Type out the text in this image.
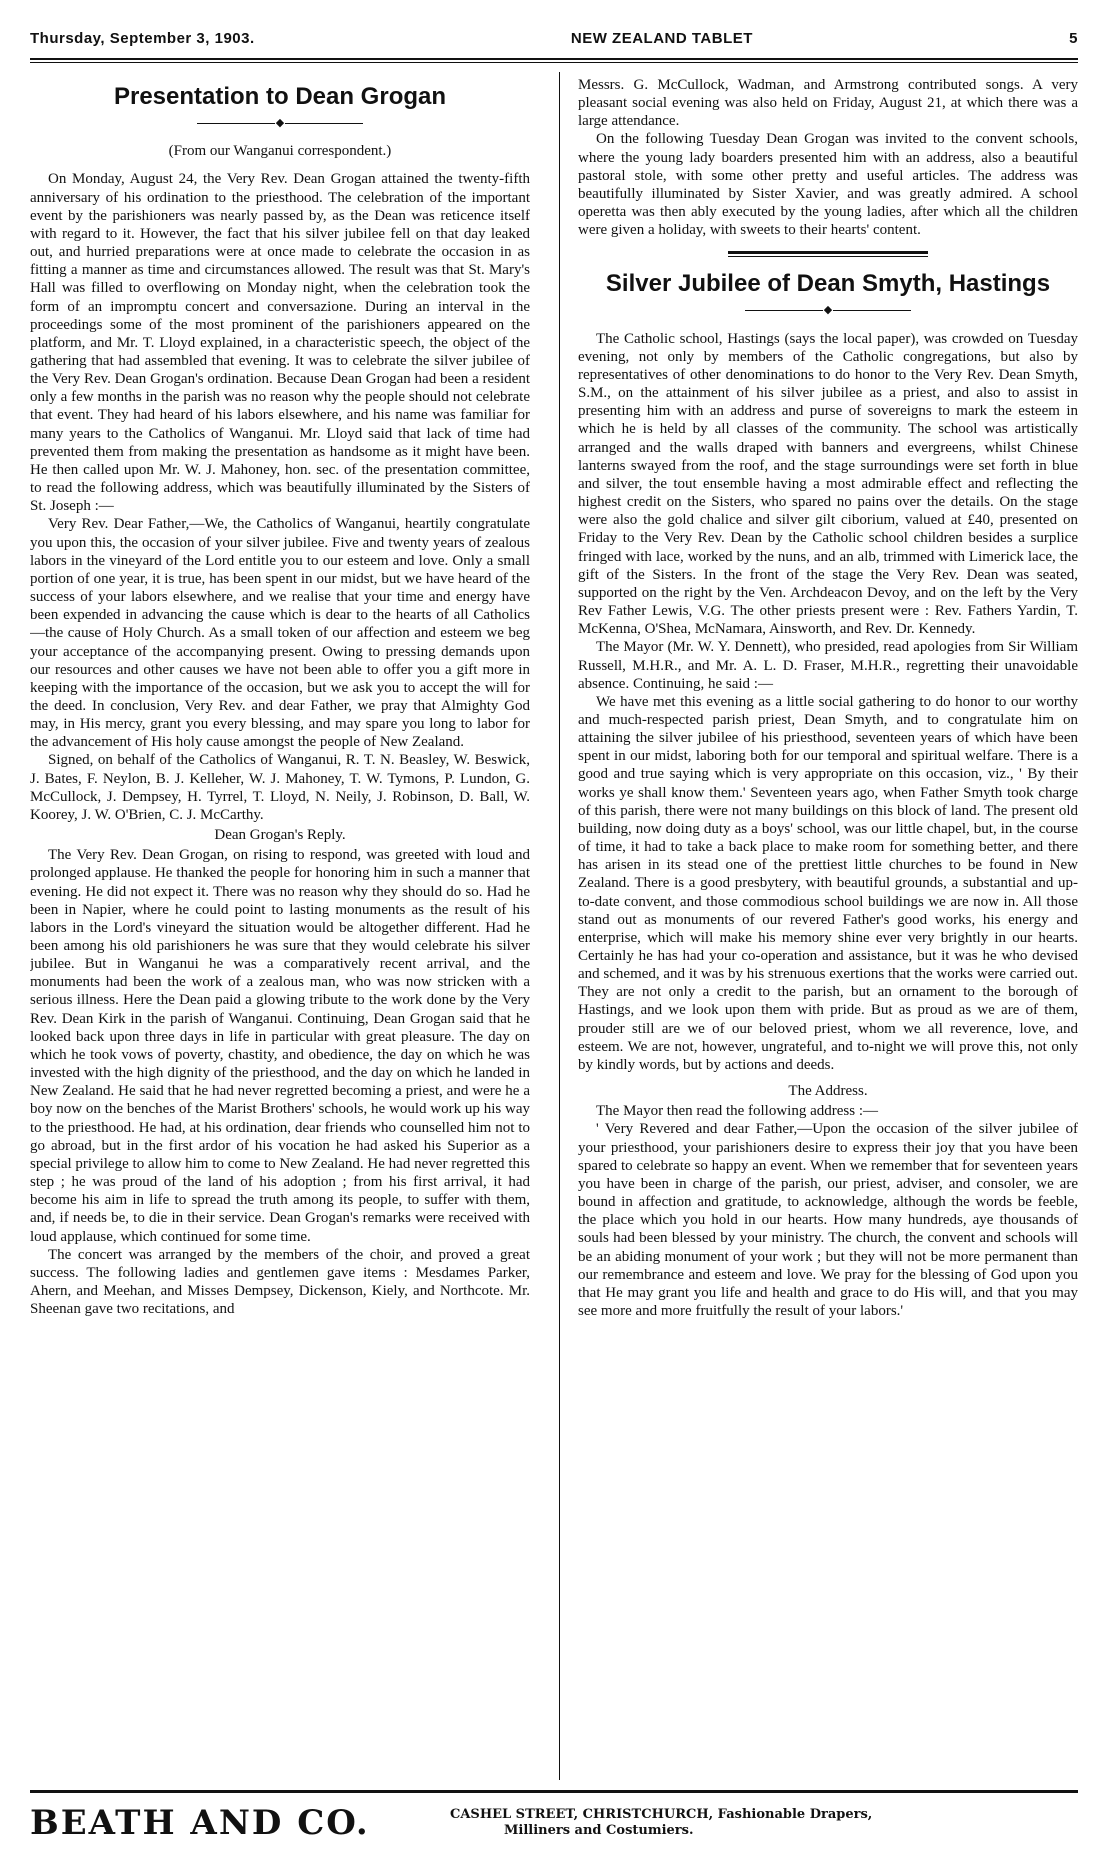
Thursday, September 3, 1903.	NEW ZEALAND TABLET	5
Presentation to Dean Grogan
◆
(From our Wanganui correspondent.)

On Monday, August 24, the Very Rev. Dean Grogan attained the twenty-fifth anniversary of his ordination to the priesthood. The celebration of the important event by the parishioners was nearly passed by, as the Dean was reticence itself with regard to it. However, the fact that his silver jubilee fell on that day leaked out, and hurried preparations were at once made to celebrate the occasion in as fitting a manner as time and circumstances allowed. The result was that St. Mary's Hall was filled to overflowing on Monday night, when the celebration took the form of an impromptu concert and conversazione. During an interval in the proceedings some of the most prominent of the parishioners appeared on the platform, and Mr. T. Lloyd explained, in a characteristic speech, the object of the gathering that had assembled that evening. It was to celebrate the silver jubilee of the Very Rev. Dean Grogan's ordination. Because Dean Grogan had been a resident only a few months in the parish was no reason why the people should not celebrate that event. They had heard of his labors elsewhere, and his name was familiar for many years to the Catholics of Wanganui. Mr. Lloyd said that lack of time had prevented them from making the presentation as handsome as it might have been. He then called upon Mr. W. J. Mahoney, hon. sec. of the presentation committee, to read the following address, which was beautifully illuminated by the Sisters of St. Joseph :—

Very Rev. Dear Father,—We, the Catholics of Wanganui, heartily congratulate you upon this, the occasion of your silver jubilee. Five and twenty years of zealous labors in the vineyard of the Lord entitle you to our esteem and love. Only a small portion of one year, it is true, has been spent in our midst, but we have heard of the success of your labors elsewhere, and we realise that your time and energy have been expended in advancing the cause which is dear to the hearts of all Catholics—the cause of Holy Church. As a small token of our affection and esteem we beg your acceptance of the accompanying present. Owing to pressing demands upon our resources and other causes we have not been able to offer you a gift more in keeping with the importance of the occasion, but we ask you to accept the will for the deed. In conclusion, Very Rev. and dear Father, we pray that Almighty God may, in His mercy, grant you every blessing, and may spare you long to labor for the advancement of His holy cause amongst the people of New Zealand.

Signed, on behalf of the Catholics of Wanganui, R. T. N. Beasley, W. Beswick, J. Bates, F. Neylon, B. J. Kelleher, W. J. Mahoney, T. W. Tymons, P. Lundon, G. McCullock, J. Dempsey, H. Tyrrel, T. Lloyd, N. Neily, J. Robinson, D. Ball, W. Koorey, J. W. O'Brien, C. J. McCarthy.

Dean Grogan's Reply.

The Very Rev. Dean Grogan, on rising to respond, was greeted with loud and prolonged applause. He thanked the people for honoring him in such a manner that evening. He did not expect it. There was no reason why they should do so. Had he been in Napier, where he could point to lasting monuments as the result of his labors in the Lord's vineyard the situation would be altogether different. Had he been among his old parishioners he was sure that they would celebrate his silver jubilee. But in Wanganui he was a comparatively recent arrival, and the monuments had been the work of a zealous man, who was now stricken with a serious illness. Here the Dean paid a glowing tribute to the work done by the Very Rev. Dean Kirk in the parish of Wanganui. Continuing, Dean Grogan said that he looked back upon three days in life in particular with great pleasure. The day on which he took vows of poverty, chastity, and obedience, the day on which he was invested with the high dignity of the priesthood, and the day on which he landed in New Zealand. He said that he had never regretted becoming a priest, and were he a boy now on the benches of the Marist Brothers' schools, he would work up his way to the priesthood. He had, at his ordination, dear friends who counselled him not to go abroad, but in the first ardor of his vocation he had asked his Superior as a special privilege to allow him to come to New Zealand. He had never regretted this step ; he was proud of the land of his adoption ; from his first arrival, it had become his aim in life to spread the truth among its people, to suffer with them, and, if needs be, to die in their service. Dean Grogan's remarks were received with loud applause, which continued for some time.

The concert was arranged by the members of the choir, and proved a great success. The following ladies and gentlemen gave items : Mesdames Parker, Ahern, and Meehan, and Misses Dempsey, Dickenson, Kiely, and Northcote. Mr. Sheenan gave two recitations, and

Messrs. G. McCullock, Wadman, and Armstrong contributed songs. A very pleasant social evening was also held on Friday, August 21, at which there was a large attendance.

On the following Tuesday Dean Grogan was invited to the convent schools, where the young lady boarders presented him with an address, also a beautiful pastoral stole, with some other pretty and useful articles. The address was beautifully illuminated by Sister Xavier, and was greatly admired. A school operetta was then ably executed by the young ladies, after which all the children were given a holiday, with sweets to their hearts' content.

Silver Jubilee of Dean Smyth, Hastings
◆

The Catholic school, Hastings (says the local paper), was crowded on Tuesday evening, not only by members of the Catholic congregations, but also by representatives of other denominations to do honor to the Very Rev. Dean Smyth, S.M., on the attainment of his silver jubilee as a priest, and also to assist in presenting him with an address and purse of sovereigns to mark the esteem in which he is held by all classes of the community. The school was artistically arranged and the walls draped with banners and evergreens, whilst Chinese lanterns swayed from the roof, and the stage surroundings were set forth in blue and silver, the tout ensemble having a most admirable effect and reflecting the highest credit on the Sisters, who spared no pains over the details. On the stage were also the gold chalice and silver gilt ciborium, valued at £40, presented on Friday to the Very Rev. Dean by the Catholic school children besides a surplice fringed with lace, worked by the nuns, and an alb, trimmed with Limerick lace, the gift of the Sisters. In the front of the stage the Very Rev. Dean was seated, supported on the right by the Ven. Archdeacon Devoy, and on the left by the Very Rev Father Lewis, V.G. The other priests present were : Rev. Fathers Yardin, T. McKenna, O'Shea, McNamara, Ainsworth, and Rev. Dr. Kennedy.

The Mayor (Mr. W. Y. Dennett), who presided, read apologies from Sir William Russell, M.H.R., and Mr. A. L. D. Fraser, M.H.R., regretting their unavoidable absence. Continuing, he said :—

We have met this evening as a little social gathering to do honor to our worthy and much-respected parish priest, Dean Smyth, and to congratulate him on attaining the silver jubilee of his priesthood, seventeen years of which have been spent in our midst, laboring both for our temporal and spiritual welfare. There is a good and true saying which is very appropriate on this occasion, viz., ' By their works ye shall know them.' Seventeen years ago, when Father Smyth took charge of this parish, there were not many buildings on this block of land. The present old building, now doing duty as a boys' school, was our little chapel, but, in the course of time, it had to take a back place to make room for something better, and there has arisen in its stead one of the prettiest little churches to be found in New Zealand. There is a good presbytery, with beautiful grounds, a substantial and up-to-date convent, and those commodious school buildings we are now in. All those stand out as monuments of our revered Father's good works, his energy and enterprise, which will make his memory shine ever very brightly in our hearts. Certainly he has had your co-operation and assistance, but it was he who devised and schemed, and it was by his strenuous exertions that the works were carried out. They are not only a credit to the parish, but an ornament to the borough of Hastings, and we look upon them with pride. But as proud as we are of them, prouder still are we of our beloved priest, whom we all reverence, love, and esteem. We are not, however, ungrateful, and to-night we will prove this, not only by kindly words, but by actions and deeds.

The Address.

The Mayor then read the following address :—

' Very Revered and dear Father,—Upon the occasion of the silver jubilee of your priesthood, your parishioners desire to express their joy that you have been spared to celebrate so happy an event. When we remember that for seventeen years you have been in charge of the parish, our priest, adviser, and consoler, we are bound in affection and gratitude, to acknowledge, although the words be feeble, the place which you hold in our hearts. How many hundreds, aye thousands of souls had been blessed by your ministry. The church, the convent and schools will be an abiding monument of your work ; but they will not be more permanent than our remembrance and esteem and love. We pray for the blessing of God upon you that He may grant you life and health and grace to do His will, and that you may see more and more fruitfully the result of your labors.'

BEATH AND CO.	CASHEL STREET, CHRISTCHURCH, Fashionable Drapers,
Milliners and Costumiers.
